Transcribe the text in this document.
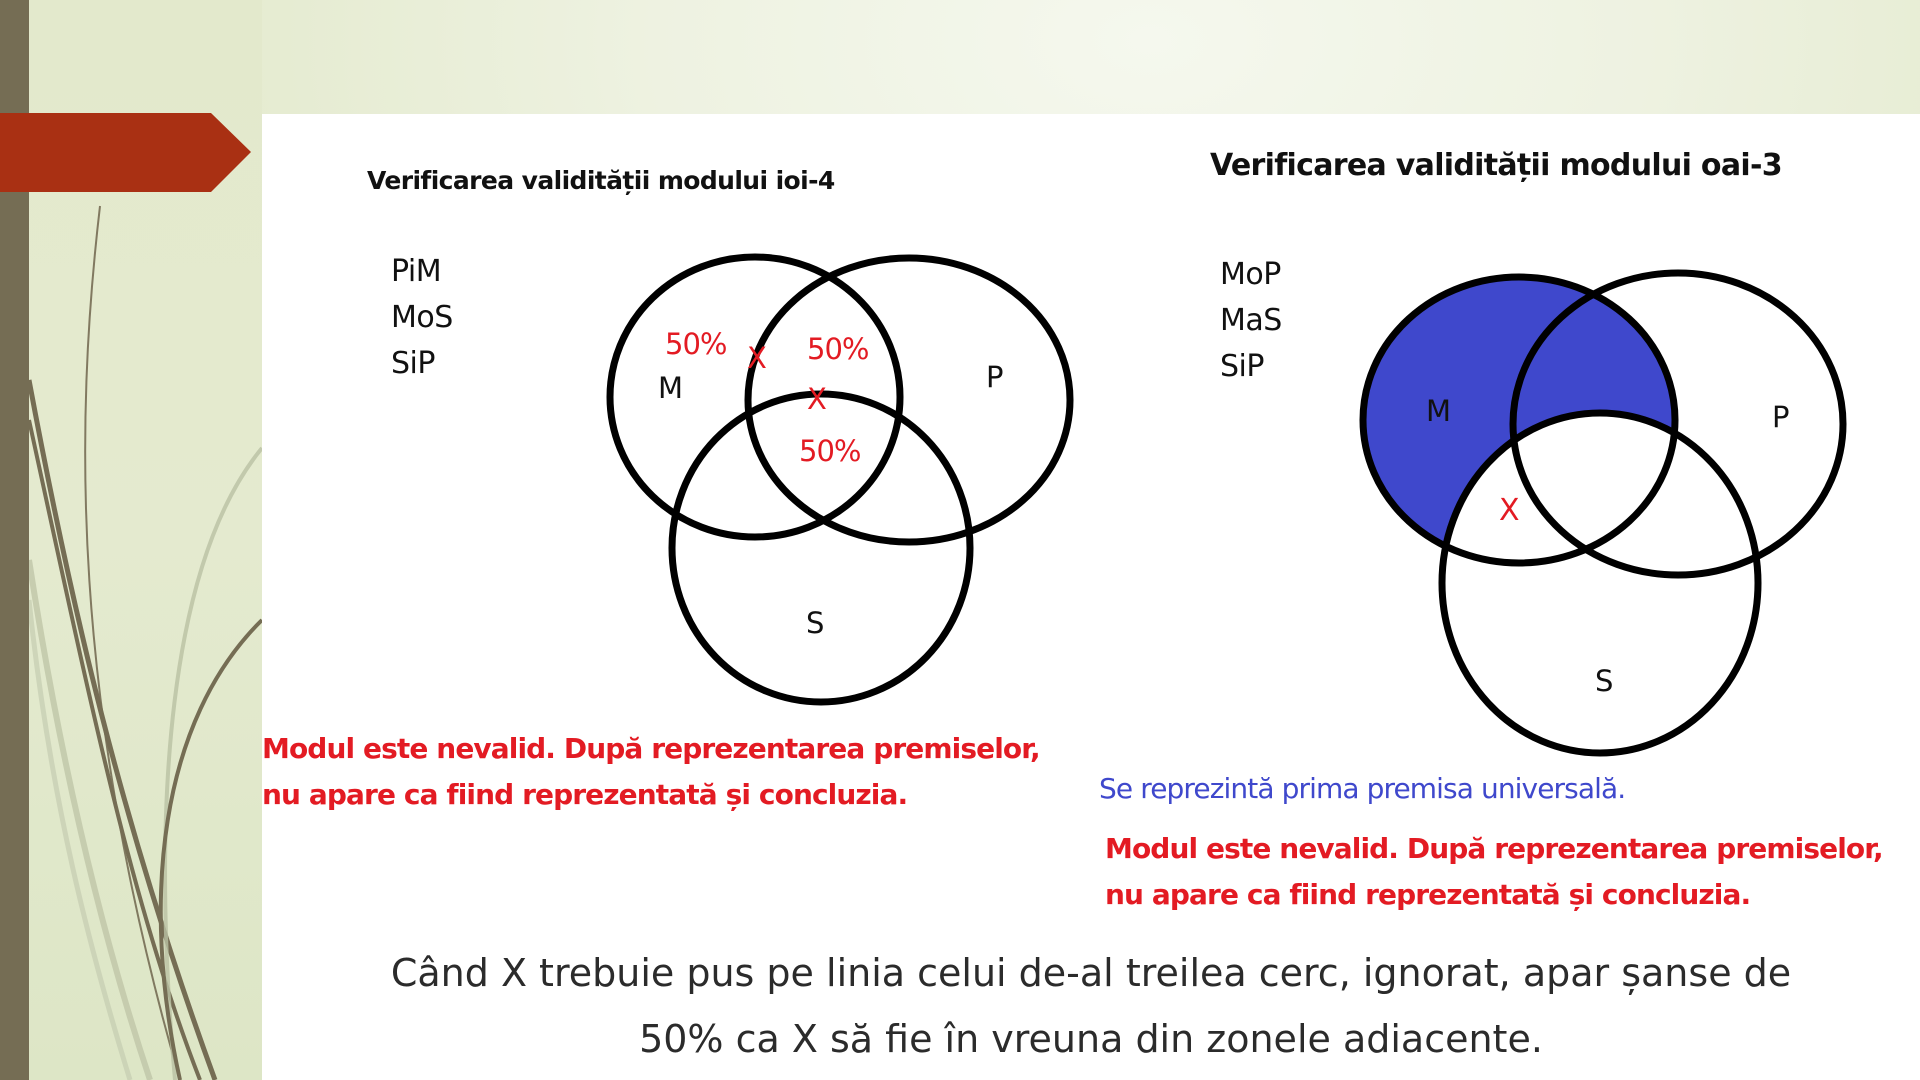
M	P
S
50% X 50%
X
50%
M	P
S
X
Verificarea validității modului ioi-4
PiM
MoS
SiP
Modul este nevalid. După reprezentarea premiselor,
nu apare ca fiind reprezentată și concluzia.
Verificarea validității modului oai-3
MoP
MaS
SiP
Se reprezintă prima premisa universală.
Modul este nevalid. După reprezentarea premiselor,
nu apare ca fiind reprezentată și concluzia.
Când X trebuie pus pe linia celui de-al treilea cerc, ignorat, apar șanse de
50% ca X să fie în vreuna din zonele adiacente.
